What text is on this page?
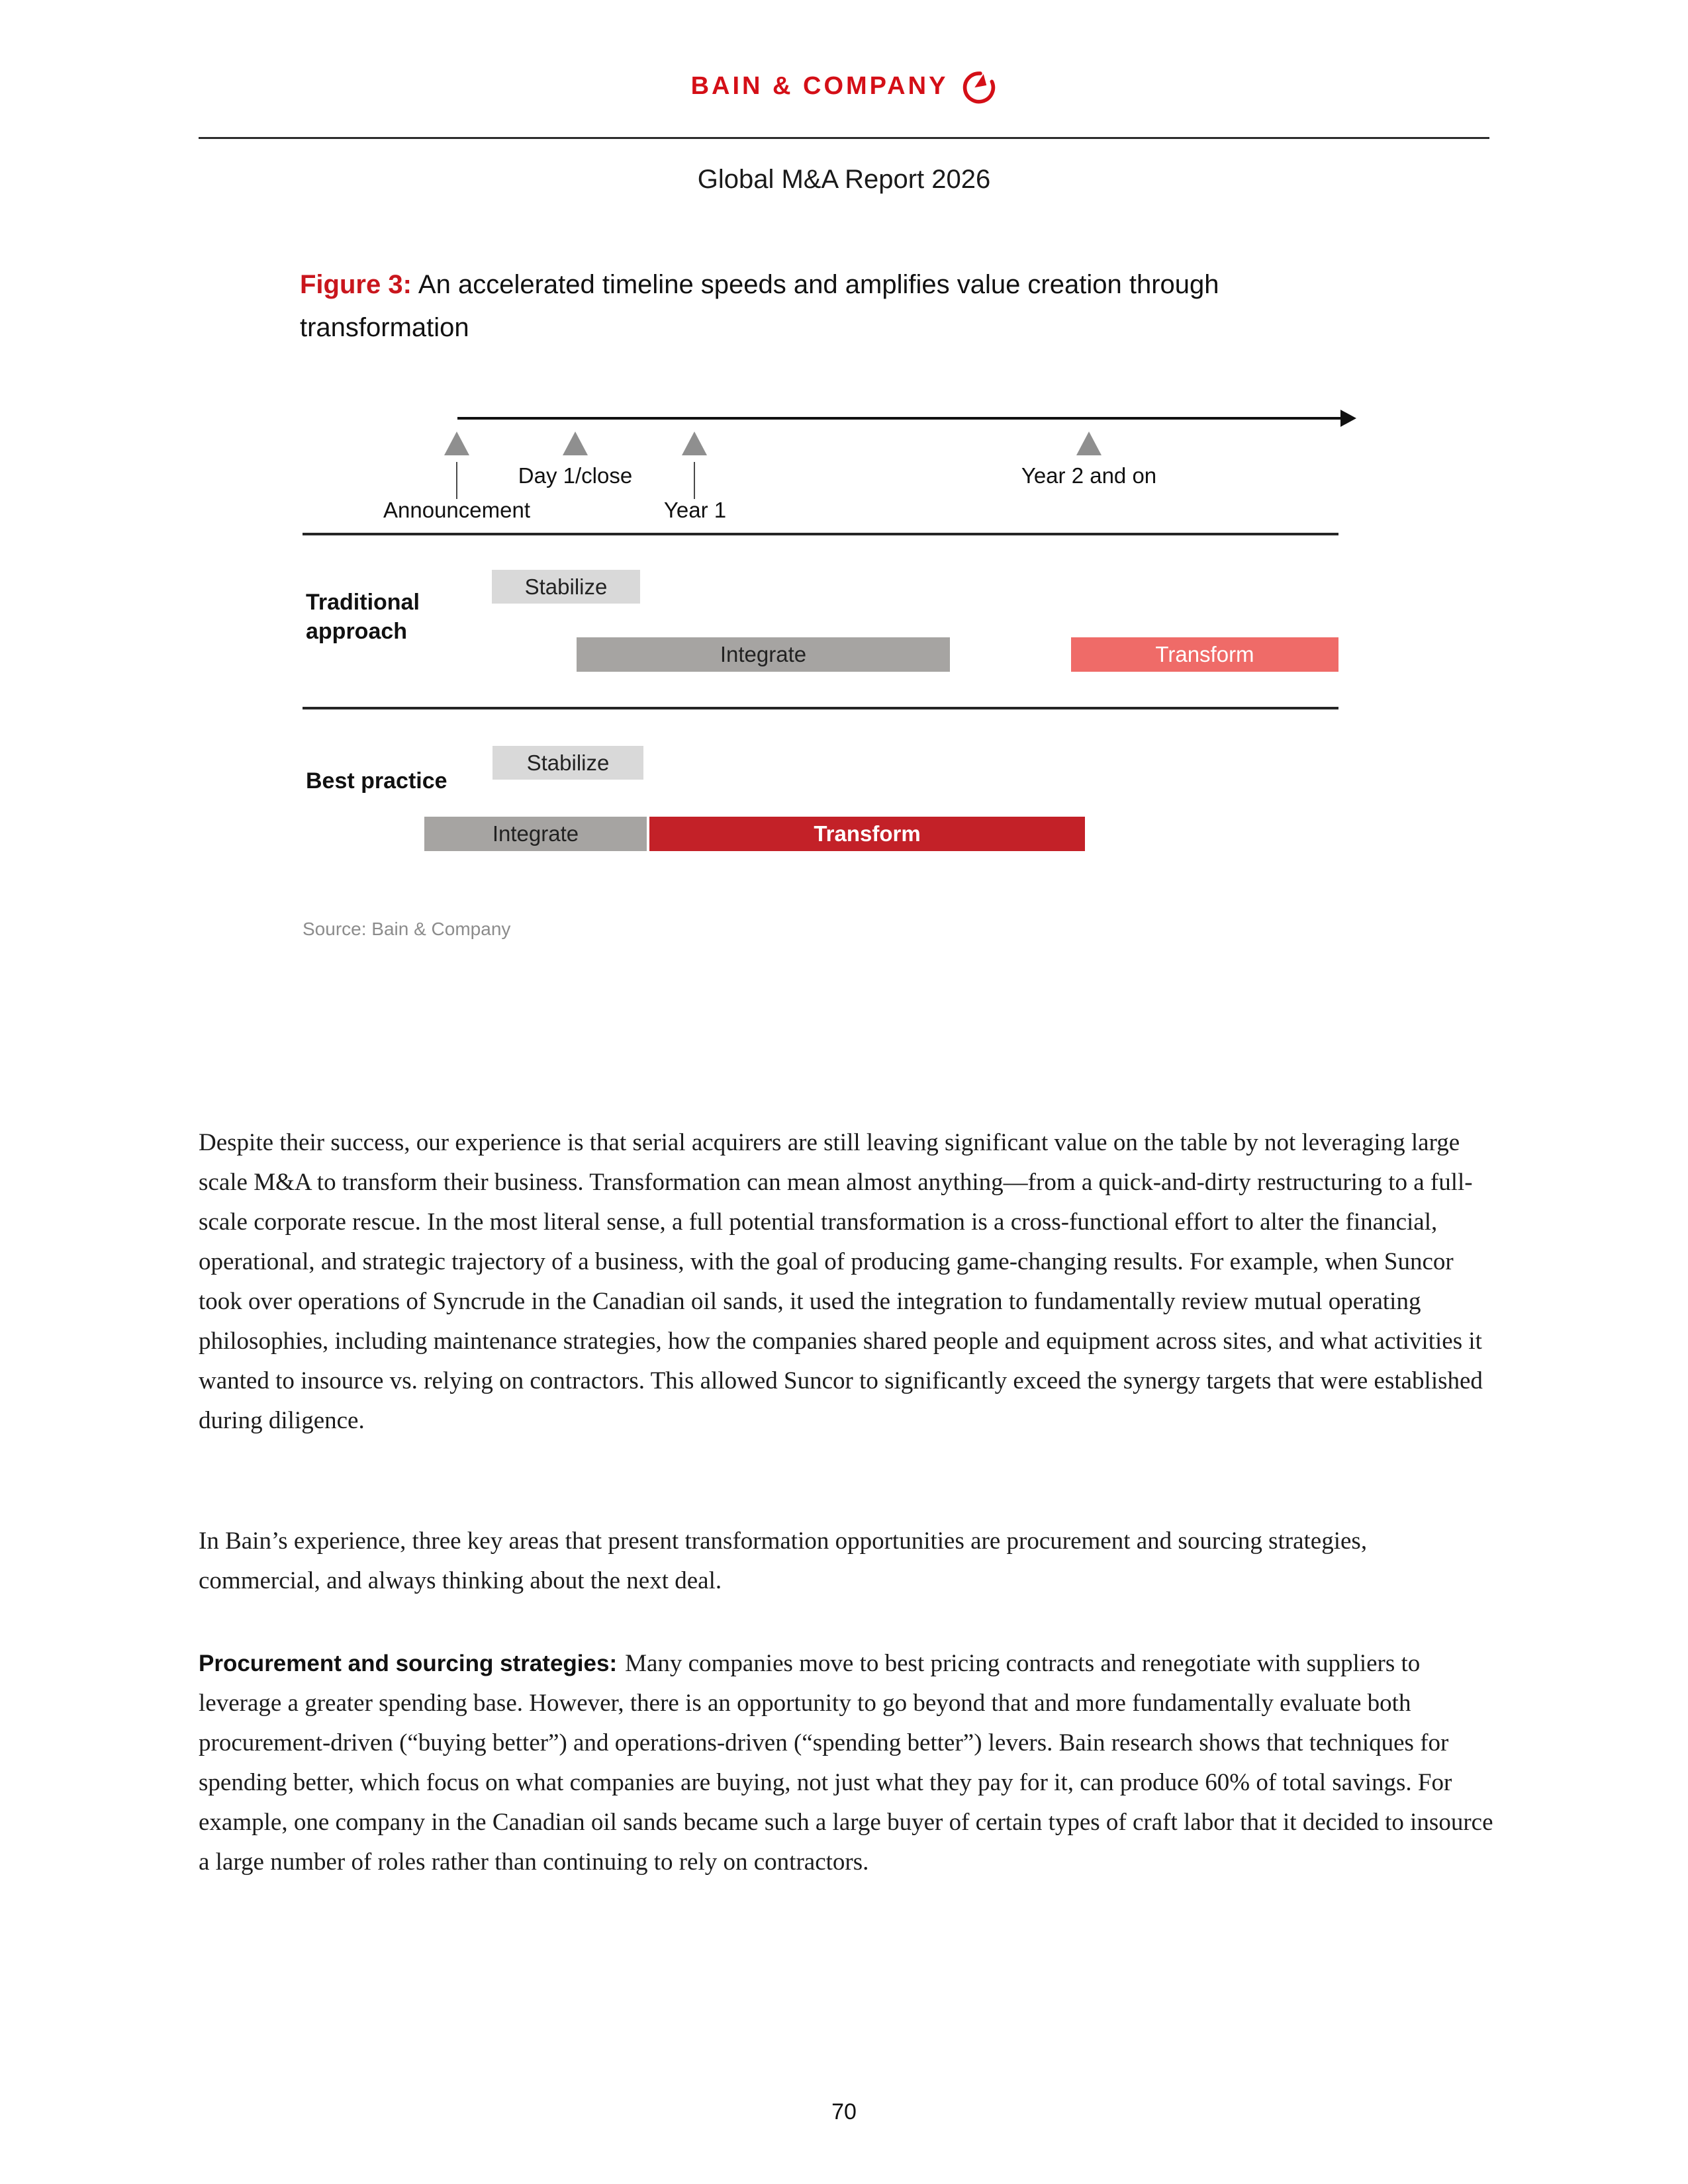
BAIN & COMPANY
Global M&A Report 2026
Figure 3: An accelerated timeline speeds and amplifies value creation through transformation
Announcement
Day 1/close
Year 1
Year 2 and on
Traditional approach
Stabilize
Integrate	Transform
Best practice
Stabilize
Integrate	Transform
Source: Bain & Company

Despite their success, our experience is that serial acquirers are still leaving significant value on the table by not leveraging large scale M&A to transform their business. Transformation can mean almost anything—from a quick-and-dirty restructuring to a full-scale corporate rescue. In the most literal sense, a full potential transformation is a cross-functional effort to alter the financial, operational, and strategic trajectory of a business, with the goal of producing game-changing results. For example, when Suncor took over operations of Syncrude in the Canadian oil sands, it used the integration to fundamentally review mutual operating philosophies, including maintenance strategies, how the companies shared people and equipment across sites, and what activities it wanted to insource vs. relying on contractors. This allowed Suncor to significantly exceed the synergy targets that were established during diligence.

In Bain’s experience, three key areas that present transformation opportunities are procurement and sourcing strategies, commercial, and always thinking about the next deal.

Procurement and sourcing strategies: Many companies move to best pricing contracts and renegotiate with suppliers to leverage a greater spending base. However, there is an opportunity to go beyond that and more fundamentally evaluate both procurement-driven (“buying better”) and operations-driven (“spending better”) levers. Bain research shows that techniques for spending better, which focus on what companies are buying, not just what they pay for it, can produce 60% of total savings. For example, one company in the Canadian oil sands became such a large buyer of certain types of craft labor that it decided to insource a large number of roles rather than continuing to rely on contractors.

70
